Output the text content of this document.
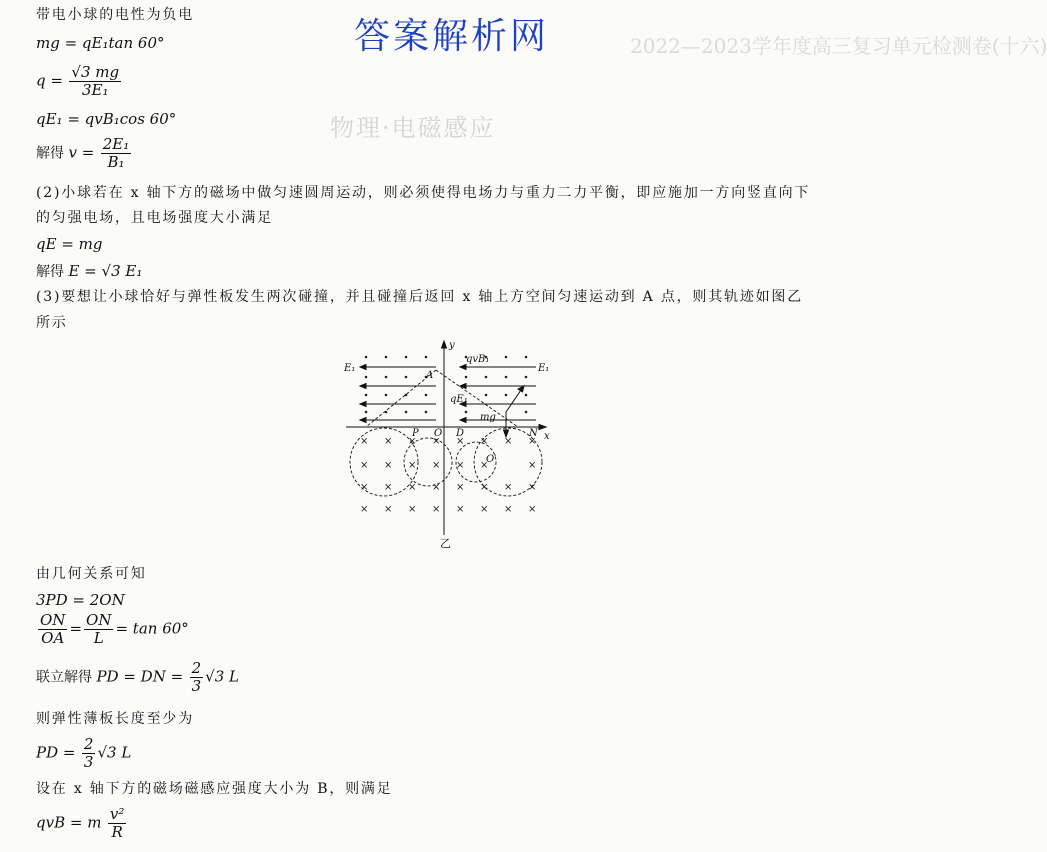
2022—2023学年度高三复习单元检测卷(十六)
物理·电磁感应
答案解析网
带电小球的电性为负电
mg = qE₁tan 60°
$q = \frac{√3 mg}{\text{3E₁}}$
qE₁ = qvB₁cos 60°
解得 $v = \frac{\text{2E₁}}{\text{B₁}}$
(2)小球若在 x 轴下方的磁场中做匀速圆周运动，则必须使得电场力与重力二力平衡，即应施加一方向竖直向下
的匀强电场，且电场强度大小满足
qE = mg
解得 E = √3 E₁
(3)要想让小球恰好与弹性板发生两次碰撞，并且碰撞后返回 x 轴上方空间匀速运动到 A 点，则其轨迹如图乙
所示
× × × × × × × ×
× × × × × ×	×
× × × × × × × ×
× × × × × × × ×
y
x
E₁	E₁
qvB₁
qE₁
mg
A
P O D	N
O′
乙
由几何关系可知
3PD = 2ON
$\frac{ON}{OA} = \frac{ON}{L} = \tan 60^\circ$
联立解得 PD = DN = $\frac{2}{3} √3$ L
则弹性薄板长度至少为
PD = $\frac{2}{3} √3$ L
设在 x 轴下方的磁场磁感应强度大小为 B，则满足
qvB = m $\frac{\text{v²}}{R}$
